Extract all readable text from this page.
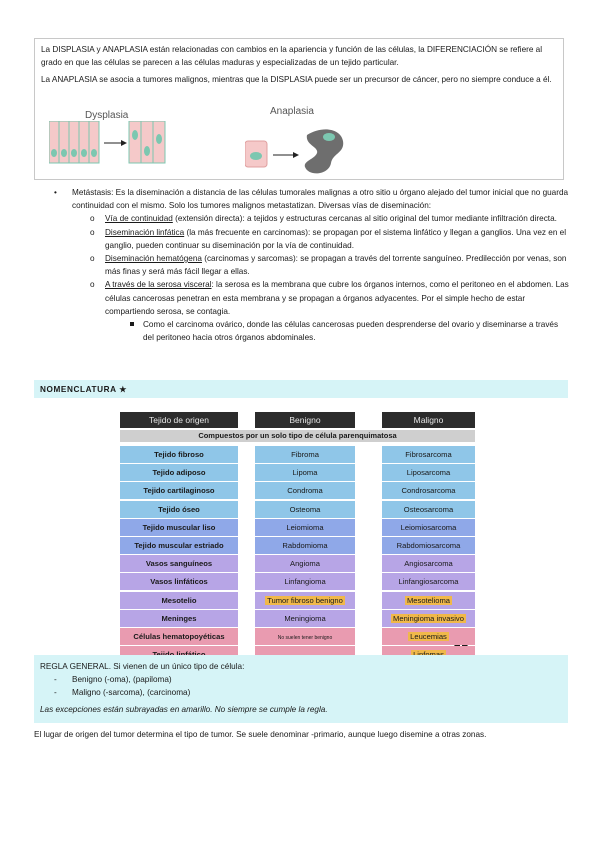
La DISPLASIA y ANAPLASIA están relacionadas con cambios en la apariencia y función de las células, la DIFERENCIACIÓN se refiere al grado en que las células se parecen a las células maduras y especializadas de un tejido particular.

La ANAPLASIA se asocia a tumores malignos, mientras que la DISPLASIA puede ser un precursor de cáncer, pero no siempre conduce a él.

Dysplasia	Anaplasia
• Metástasis: Es la diseminación a distancia de las células tumorales malignas a otro sitio u órgano alejado del tumor inicial que no guarda continuidad con el mismo. Solo los tumores malignos metastatizan. Diversas vías de diseminación:
o Vía de continuidad (extensión directa): a tejidos y estructuras cercanas al sitio original del tumor mediante infiltración directa.
o Diseminación linfática (la más frecuente en carcinomas): se propagan por el sistema linfático y llegan a ganglios. Una vez en el ganglio, pueden continuar su diseminación por la vía de continuidad.
o Diseminación hematógena (carcinomas y sarcomas): se propagan a través del torrente sanguíneo. Predilección por venas, son más finas y será más fácil llegar a ellas.
o A través de la serosa visceral: la serosa es la membrana que cubre los órganos internos, como el peritoneo en el abdomen. Las células cancerosas penetran en esta membrana y se propagan a órganos adyacentes. Por el simple hecho de estar compartiendo serosa, se contagia.
Como el carcinoma ovárico, donde las células cancerosas pueden desprenderse del ovario y diseminarse a través del peritoneo hacia otros órganos abdominales.
NOMENCLATURA ★
Tejido de origen	Benigno	Maligno
Compuestos por un solo tipo de célula parenquimatosa
Tejido fibroso	Fibroma	Fibrosarcoma
Tejido adiposo	Lipoma	Liposarcoma
Tejido cartilaginoso	Condroma	Condrosarcoma
Tejido óseo	Osteoma	Osteosarcoma
Tejido muscular liso	Leiomioma	Leiomiosarcoma
Tejido muscular estriado	Rabdomioma	Rabdomiosarcoma
Vasos sanguíneos	Angioma	Angiosarcoma
Vasos linfáticos	Linfangioma	Linfangiosarcoma
Mesotelio	Tumor fibroso benigno	Mesotelioma
Meninges	Meningioma	Meningioma invasivo
Células hematopoyéticas	No suelen tener benigno	Leucemias
REGLA GENERAL. Si vienen de un único tipo de célula:
- Benigno (-oma), (papiloma)
- Maligno (-sarcoma), (carcinoma)
Las excepciones están subrayadas en amarillo. No siempre se cumple la regla.
El lugar de origen del tumor determina el tipo de tumor. Se suele denominar -primario, aunque luego disemine a otras zonas.
